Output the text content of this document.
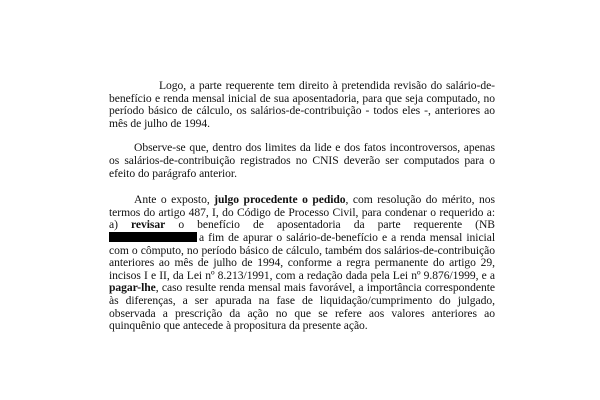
Logo, a parte requerente tem direito à pretendida revisão do salário-de-benefício e renda mensal inicial de sua aposentadoria, para que seja computado, no período básico de cálculo, os salários-de-contribuição - todos eles -, anteriores ao mês de julho de 1994.

Observe-se que, dentro dos limites da lide e dos fatos incontroversos, apenas os salários-de-contribuição registrados no CNIS deverão ser computados para o efeito do parágrafo anterior.

Ante o exposto, julgo procedente o pedido, com resolução do mérito, nos termos do artigo 487, I, do Código de Processo Civil, para condenar o requerido a: a) revisar o benefício de aposentadoria da parte requerente (NB a fim de apurar o salário-de-benefício e a renda mensal inicial com o cômputo, no período básico de cálculo, também dos salários-de-contribuição anteriores ao mês de julho de 1994, conforme a regra permanente do artigo 29, incisos I e II, da Lei nº 8.213/1991, com a redação dada pela Lei nº 9.876/1999, e a pagar-lhe, caso resulte renda mensal mais favorável, a importância correspondente às diferenças, a ser apurada na fase de liquidação/cumprimento do julgado, observada a prescrição da ação no que se refere aos valores anteriores ao quinquênio que antecede à propositura da presente ação.
